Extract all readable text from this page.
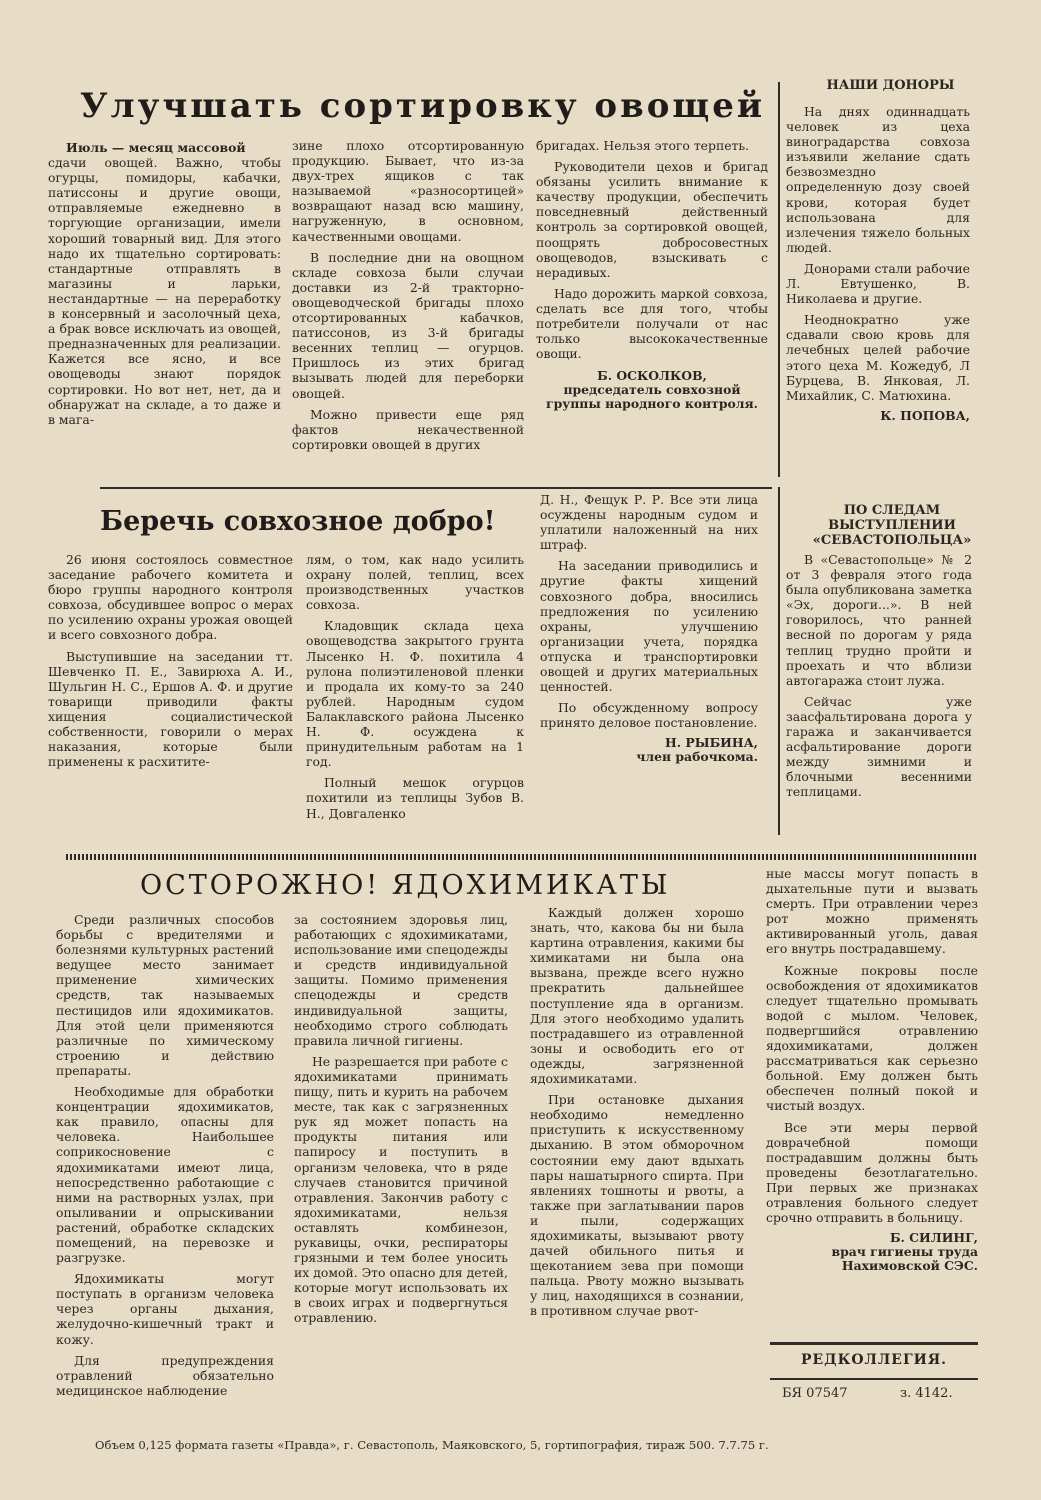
Улучшать сортировку овощей

Июль — месяц массовой

сдачи овощей. Важно, чтобы огурцы, помидоры, кабачки, патиссоны и другие овощи, отправляемые ежедневно в торгующие организации, имели хороший товарный вид. Для этого надо их тщательно сортировать: стандартные отправлять в магазины и ларьки, нестандартные — на переработку в консервный и засолочный цеха, а брак вовсе исключать из овощей, предназначенных для реализации. Кажется все ясно, и все овощеводы знают порядок сортировки. Но вот нет, нет, да и обнаружат на складе, а то даже и в мага-

зине плохо отсортированную продукцию. Бывает, что из-за двух-трех ящиков с так называемой «разносортицей» возвращают назад всю машину, нагруженную, в основном, качественными овощами.

В последние дни на овощном складе совхоза были случаи доставки из 2-й тракторно-овощеводческой бригады плохо отсортированных кабачков, патиссонов, из 3-й бригады весенних теплиц — огурцов. Пришлось из этих бригад вызывать людей для переборки овощей.

Можно привести еще ряд фактов некачественной сортировки овощей в других

бригадах. Нельзя этого терпеть.

Руководители цехов и бригад обязаны усилить внимание к качеству продукции, обеспечить повседневный действенный контроль за сортировкой овощей, поощрять добросовестных овощеводов, взыскивать с нерадивых.

Надо дорожить маркой совхоза, сделать все для того, чтобы потребители получали от нас только высококачественные овощи.

Б. ОСКОЛКОВ,
председатель совхозной группы народного контроля.
НАШИ ДОНОРЫ

На днях одиннадцать человек из цеха виноградарства совхоза изъявили желание сдать безвозмездно определенную дозу своей крови, которая будет использована для излечения тяжело больных людей.

Донорами стали рабочие Л. Евтушенко, В. Николаева и другие.

Неоднократно уже сдавали свою кровь для лечебных целей рабочие этого цеха М. Кожедуб, Л Бурцева, В. Янковая, Л. Михайлик, С. Матюхина.

К. ПОПОВА,
Беречь совхозное добро!

26 июня состоялось совместное заседание рабочего комитета и бюро группы народного контроля совхоза, обсудившее вопрос о мерах по усилению охраны урожая овощей и всего совхозного добра.

Выступившие на заседании тт. Шевченко П. Е., Завирюха А. И., Шульгин Н. С., Ершов А. Ф. и другие товарищи приводили факты хищения социалистической собственности, говорили о мерах наказания, которые были применены к расхитите-

лям, о том, как надо усилить охрану полей, теплиц, всех производственных участков совхоза.

Кладовщик склада цеха овощеводства закрытого грунта Лысенко Н. Ф. похитила 4 рулона полиэтиленовой пленки и продала их кому-то за 240 рублей. Народным судом Балаклавского района Лысенко Н. Ф. осуждена к принудительным работам на 1 год.

Полный мешок огурцов похитили из теплицы Зубов В. Н., Довгаленко

Д. Н., Фещук Р. Р. Все эти лица осуждены народным судом и уплатили наложенный на них штраф.

На заседании приводились и другие факты хищений совхозного добра, вносились предложения по усилению охраны, улучшению организации учета, порядка отпуска и транспортировки овощей и других материальных ценностей.

По обсужденному вопросу принято деловое постановление.

Н. РЫБИНА,
член рабочкома.
ПО СЛЕДАМ ВЫСТУПЛЕНИИ «СЕВАСТОПОЛЬЦА»

В «Севастопольце» № 2 от 3 февраля этого года была опубликована заметка «Эх, дороги...». В ней говорилось, что ранней весной по дорогам у ряда теплиц трудно пройти и проехать и что вблизи автогаража стоит лужа.

Сейчас уже заасфальтирована дорога у гаража и заканчивается асфальтирование дороги между зимними и блочными весенними теплицами.

ОСТОРОЖНО! ЯДОХИМИКАТЫ

Среди различных способов борьбы с вредителями и болезнями культурных растений ведущее место занимает применение химических средств, так называемых пестицидов или ядохимикатов. Для этой цели применяются различные по химическому строению и действию препараты.

Необходимые для обработки концентрации ядохимикатов, как правило, опасны для человека. Наибольшее соприкосновение с ядохимикатами имеют лица, непосредственно работающие с ними на растворных узлах, при опыливании и опрыскивании растений, обработке складских помещений, на перевозке и разгрузке.

Ядохимикаты могут поступать в организм человека через органы дыхания, желудочно-кишечный тракт и кожу.

Для предупреждения отравлений обязательно медицинское наблюдение

за состоянием здоровья лиц, работающих с ядохимикатами, использование ими спецодежды и средств индивидуальной защиты. Помимо применения спецодежды и средств индивидуальной защиты, необходимо строго соблюдать правила личной гигиены.

Не разрешается при работе с ядохимикатами принимать пищу, пить и курить на рабочем месте, так как с загрязненных рук яд может попасть на продукты питания или папиросу и поступить в организм человека, что в ряде случаев становится причиной отравления. Закончив работу с ядохимикатами, нельзя оставлять комбинезон, рукавицы, очки, респираторы грязными и тем более уносить их домой. Это опасно для детей, которые могут использовать их в своих играх и подвергнуться отравлению.

Каждый должен хорошо знать, что, какова бы ни была картина отравления, какими бы химикатами ни была она вызвана, прежде всего нужно прекратить дальнейшее поступление яда в организм. Для этого необходимо удалить пострадавшего из отравленной зоны и освободить его от одежды, загрязненной ядохимикатами.

При остановке дыхания необходимо немедленно приступить к искусственному дыханию. В этом обморочном состоянии ему дают вдыхать пары нашатырного спирта. При явлениях тошноты и рвоты, а также при заглатывании паров и пыли, содержащих ядохимикаты, вызывают рвоту дачей обильного питья и щекотанием зева при помощи пальца. Рвоту можно вызывать у лиц, находящихся в сознании, в противном случае рвот-

ные массы могут попасть в дыхательные пути и вызвать смерть. При отравлении через рот можно применять активированный уголь, давая его внутрь пострадавшему.

Кожные покровы после освобождения от ядохимикатов следует тщательно промывать водой с мылом. Человек, подвергшийся отравлению ядохимикатами, должен рассматриваться как серьезно больной. Ему должен быть обеспечен полный покой и чистый воздух.

Все эти меры первой доврачебной помощи пострадавшим должны быть проведены безотлагательно. При первых же признаках отравления больного следует срочно отправить в больницу.

Б. СИЛИНГ,
врач гигиены труда Нахимовской СЭС.
РЕДКОЛЛЕГИЯ.
БЯ 07547	з. 4142.
Объем 0,125 формата газеты «Правда», г. Севастополь, Маяковского, 5, гортипография, тираж 500. 7.7.75 г.
